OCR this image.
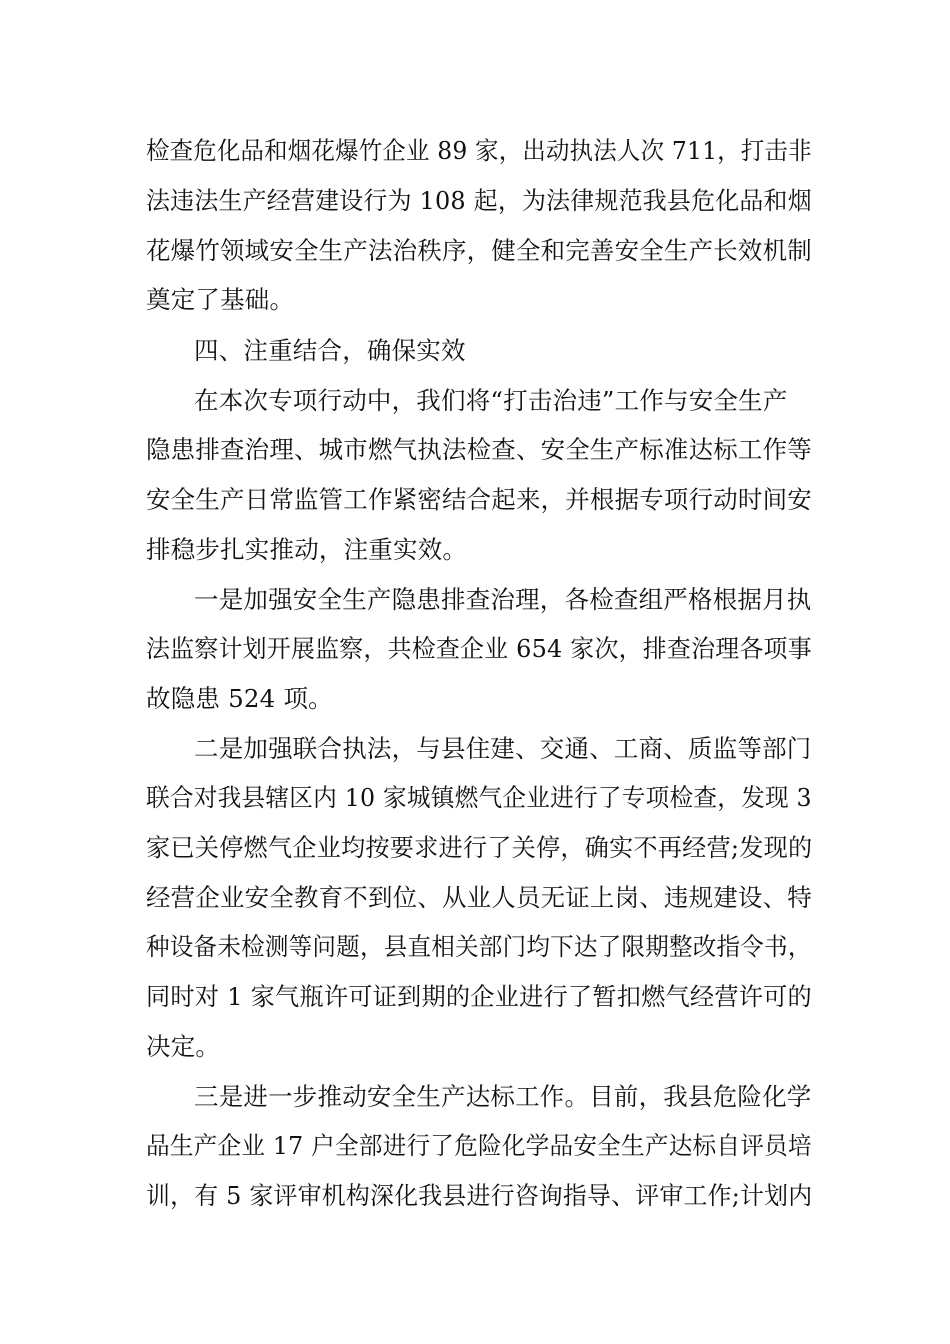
检查危化品和烟花爆竹企业 89 家，出动执法人次 711，打击非
法违法生产经营建设行为 108 起，为法律规范我县危化品和烟
花爆竹领域安全生产法治秩序，健全和完善安全生产长效机制
奠定了基础。
四、注重结合，确保实效
在本次专项行动中，我们将“打击治违”工作与安全生产
隐患排查治理、城市燃气执法检查、安全生产标准达标工作等
安全生产日常监管工作紧密结合起来，并根据专项行动时间安
排稳步扎实推动，注重实效。
一是加强安全生产隐患排查治理，各检查组严格根据月执
法监察计划开展监察，共检查企业 654 家次，排查治理各项事
故隐患 524 项。
二是加强联合执法，与县住建、交通、工商、质监等部门
联合对我县辖区内 10 家城镇燃气企业进行了专项检查，发现 3
家已关停燃气企业均按要求进行了关停，确实不再经营;发现的
经营企业安全教育不到位、从业人员无证上岗、违规建设、特
种设备未检测等问题，县直相关部门均下达了限期整改指令书，
同时对 1 家气瓶许可证到期的企业进行了暂扣燃气经营许可的
决定。
三是进一步推动安全生产达标工作。目前，我县危险化学
品生产企业 17 户全部进行了危险化学品安全生产达标自评员培
训，有 5 家评审机构深化我县进行咨询指导、评审工作;计划内
